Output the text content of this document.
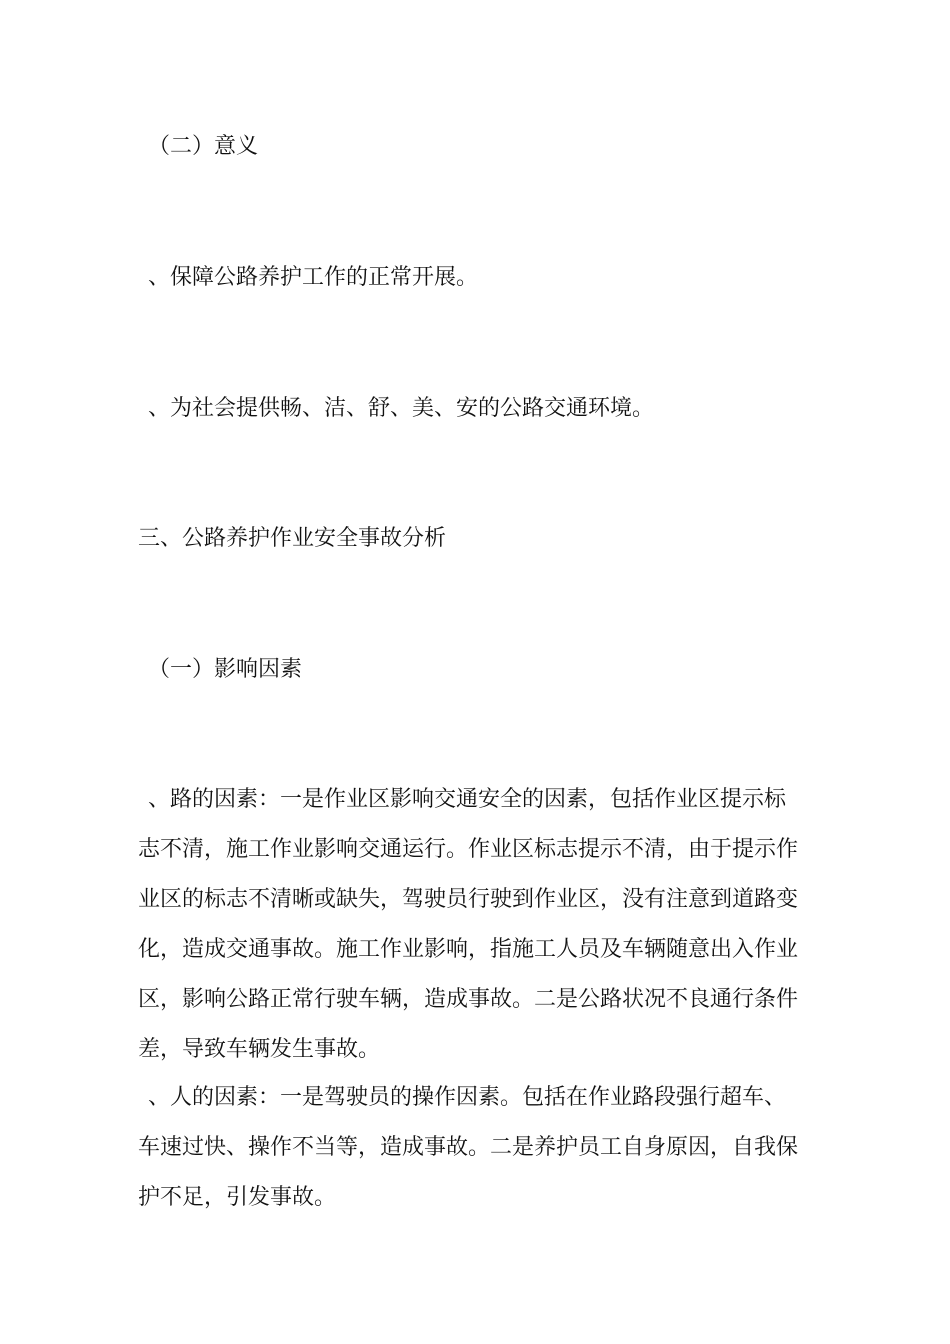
（二）意义

、保障公路养护工作的正常开展。

、为社会提供畅、洁、舒、美、安的公路交通环境。

三、公路养护作业安全事故分析

（一）影响因素

、路的因素：一是作业区影响交通安全的因素，包括作业区提示标
志不清，施工作业影响交通运行。作业区标志提示不清，由于提示作
业区的标志不清晰或缺失，驾驶员行驶到作业区，没有注意到道路变
化，造成交通事故。施工作业影响，指施工人员及车辆随意出入作业
区，影响公路正常行驶车辆，造成事故。二是公路状况不良通行条件
差，导致车辆发生事故。
、人的因素：一是驾驶员的操作因素。包括在作业路段强行超车、
车速过快、操作不当等，造成事故。二是养护员工自身原因，自我保
护不足，引发事故。
